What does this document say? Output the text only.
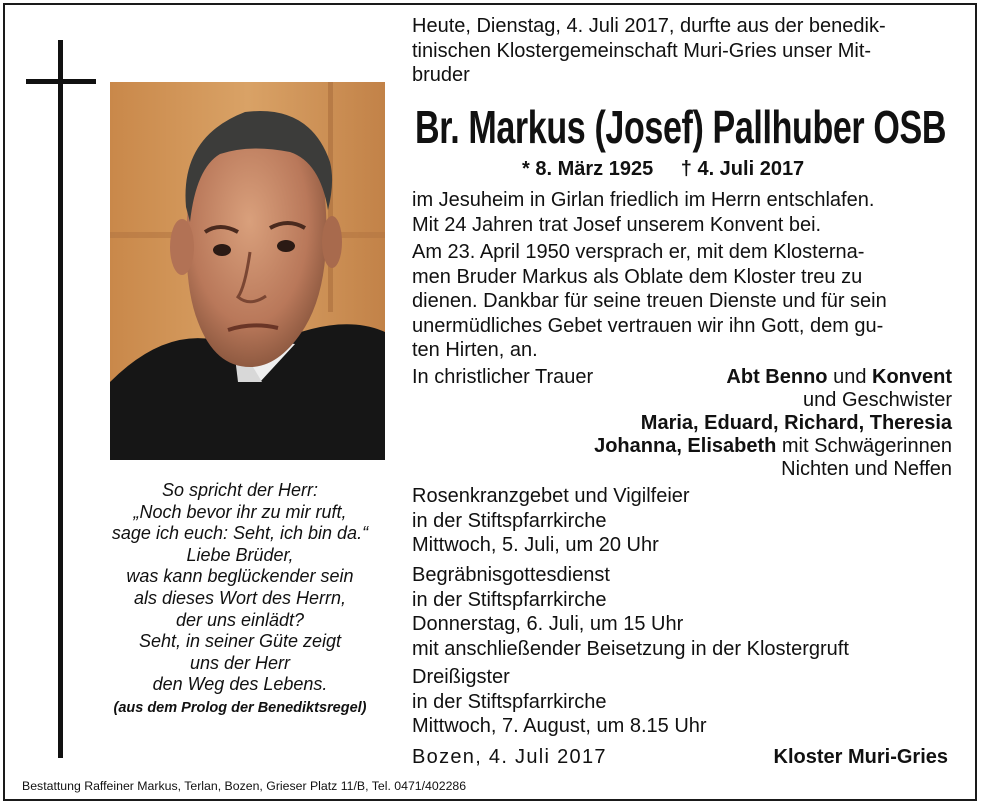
So spricht der Herr:
„Noch bevor ihr zu mir ruft,
sage ich euch: Seht, ich bin da.“
Liebe Brüder,
was kann beglückender sein
als dieses Wort des Herrn,
der uns einlädt?
Seht, in seiner Güte zeigt
uns der Herr
den Weg des Lebens.
(aus dem Prolog der Benediktsregel)
Heute, Dienstag, 4. Juli 2017, durfte aus der benedik-
tinischen Klostergemeinschaft Muri-Gries unser Mit-
bruder
Br. Markus (Josef) Pallhuber OSB
* 8. März 1925 † 4. Juli 2017
im Jesuheim in Girlan friedlich im Herrn entschlafen.
Mit 24 Jahren trat Josef unserem Konvent bei.
Am 23. April 1950 versprach er, mit dem Klosterna-
men Bruder Markus als Oblate dem Kloster treu zu
dienen. Dankbar für seine treuen Dienste und für sein
unermüdliches Gebet vertrauen wir ihn Gott, dem gu-
ten Hirten, an.
In christlicher Trauer	Abt Benno und Konvent
und Geschwister
Maria, Eduard, Richard, Theresia
Johanna, Elisabeth mit Schwägerinnen
Nichten und Neffen
Rosenkranzgebet und Vigilfeier
in der Stiftspfarrkirche
Mittwoch, 5. Juli, um 20 Uhr
Begräbnisgottesdienst
in der Stiftspfarrkirche
Donnerstag, 6. Juli, um 15 Uhr
mit anschließender Beisetzung in der Klostergruft
Dreißigster
in der Stiftspfarrkirche
Mittwoch, 7. August, um 8.15 Uhr
Bozen, 4. Juli 2017	Kloster Muri-Gries
Bestattung Raffeiner Markus, Terlan, Bozen, Grieser Platz 11/B, Tel. 0471/402286
